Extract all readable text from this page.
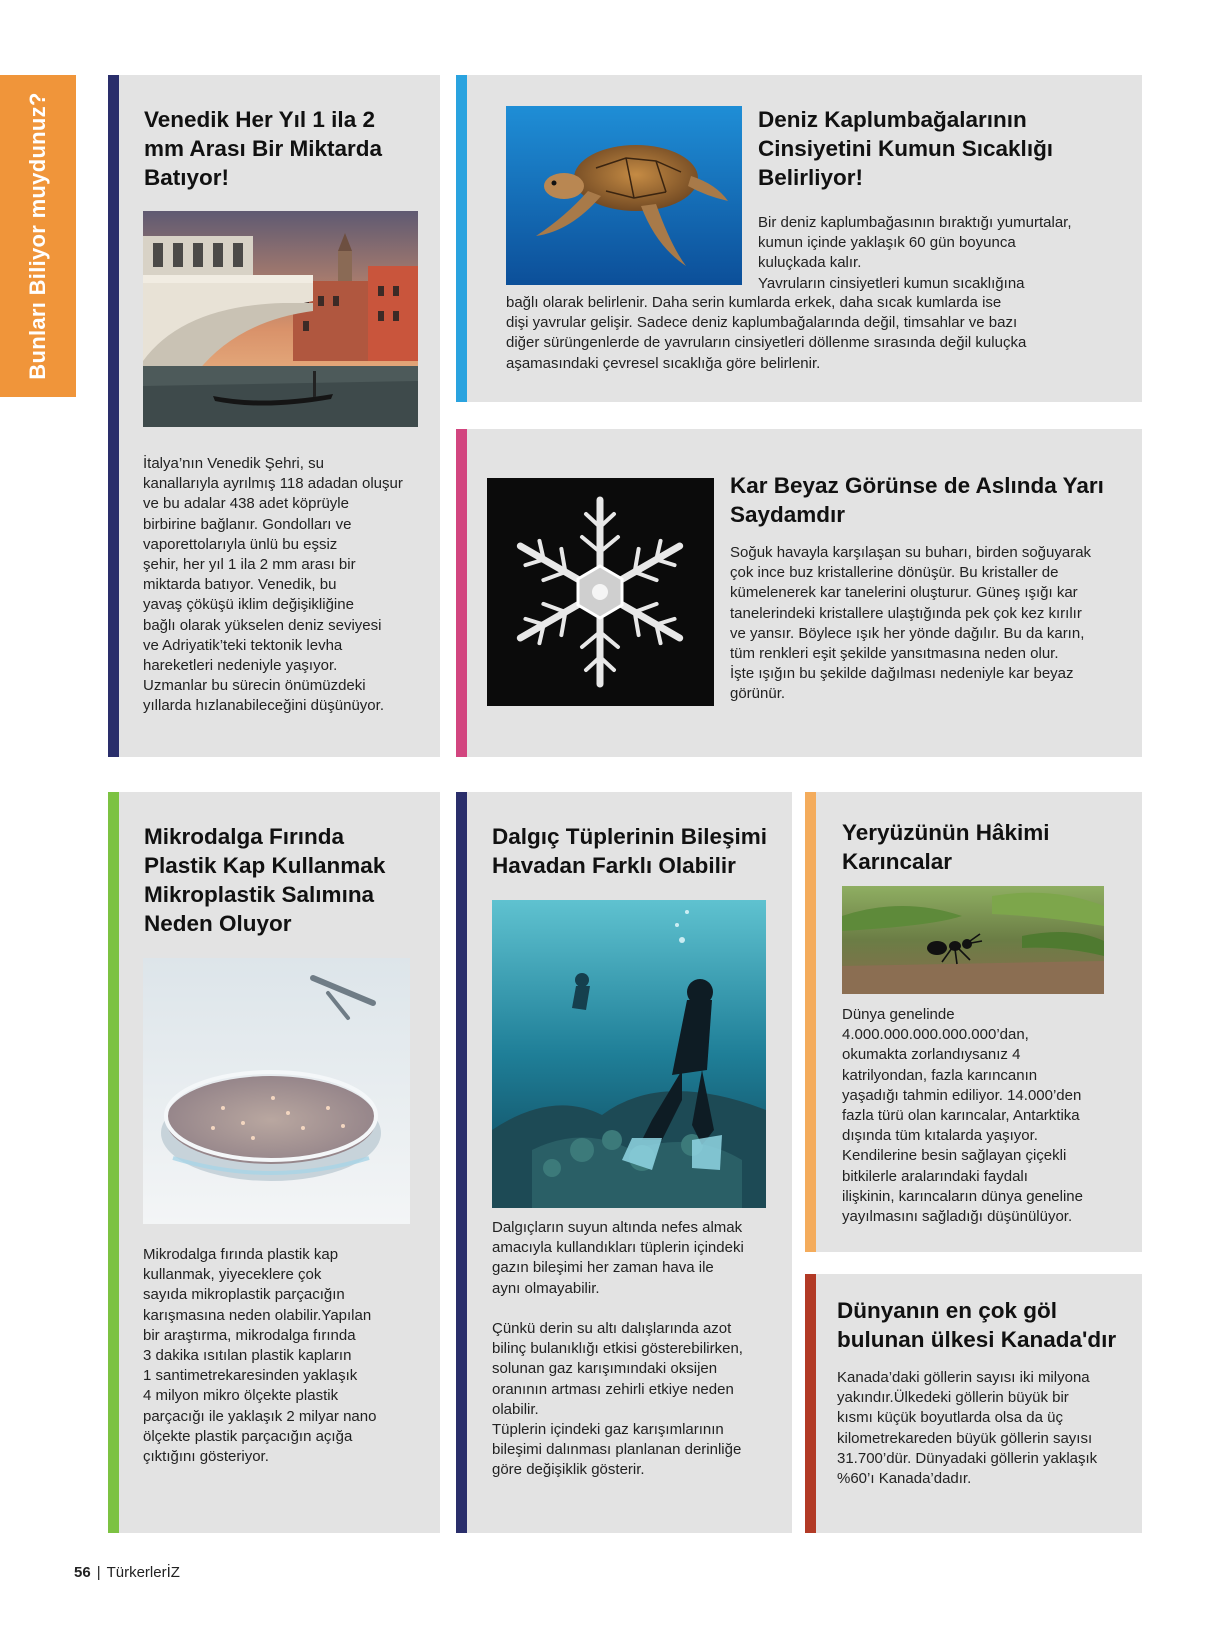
Bunları Biliyor muydunuz?	Venedik Her Yıl 1 ila 2 mm Arası Bir Miktarda Batıyor!

İtalya’nın Venedik Şehri, su
kanallarıyla ayrılmış 118 adadan oluşur
ve bu adalar 438 adet köprüyle
birbirine bağlanır. Gondolları ve
vaporettolarıyla ünlü bu eşsiz
şehir, her yıl 1 ila 2 mm arası bir
miktarda batıyor. Venedik, bu
yavaş çöküşü iklim değişikliğine
bağlı olarak yükselen deniz seviyesi
ve Adriyatik’teki tektonik levha
hareketleri nedeniyle yaşıyor.
Uzmanlar bu sürecin önümüzdeki
yıllarda hızlanabileceğini düşünüyor.

Deniz Kaplumbağalarının Cinsiyetini Kumun Sıcaklığı Belirliyor!

Bir deniz kaplumbağasının bıraktığı yumurtalar,
kumun içinde yaklaşık 60 gün boyunca
kuluçkada kalır.
Yavruların cinsiyetleri kumun sıcaklığına

bağlı olarak belirlenir. Daha serin kumlarda erkek, daha sıcak kumlarda ise
dişi yavrular gelişir. Sadece deniz kaplumbağalarında değil, timsahlar ve bazı
diğer sürüngenlerde de yavruların cinsiyetleri döllenme sırasında değil kuluçka
aşamasındaki çevresel sıcaklığa göre belirlenir.

Kar Beyaz Görünse de Aslında Yarı Saydamdır

Soğuk havayla karşılaşan su buharı, birden soğuyarak
çok ince buz kristallerine dönüşür. Bu kristaller de
kümelenerek kar tanelerini oluşturur. Güneş ışığı kar
tanelerindeki kristallere ulaştığında pek çok kez kırılır
ve yansır. Böylece ışık her yönde dağılır. Bu da karın,
tüm renkleri eşit şekilde yansıtmasına neden olur.
İşte ışığın bu şekilde dağılması nedeniyle kar beyaz
görünür.

Mikrodalga Fırında Plastik Kap Kullanmak Mikroplastik Salımına Neden Oluyor

Mikrodalga fırında plastik kap
kullanmak, yiyeceklere çok
sayıda mikroplastik parçacığın
karışmasına neden olabilir.Yapılan
bir araştırma, mikrodalga fırında
3 dakika ısıtılan plastik kapların
1 santimetrekaresinden yaklaşık
4 milyon mikro ölçekte plastik
parçacığı ile yaklaşık 2 milyar nano
ölçekte plastik parçacığın açığa
çıktığını gösteriyor.

Dalgıç Tüplerinin Bileşimi Havadan Farklı Olabilir

Dalgıçların suyun altında nefes almak
amacıyla kullandıkları tüplerin içindeki
gazın bileşimi her zaman hava ile
aynı olmayabilir.

Çünkü derin su altı dalışlarında azot
bilinç bulanıklığı etkisi gösterebilirken,
solunan gaz karışımındaki oksijen
oranının artması zehirli etkiye neden
olabilir.
Tüplerin içindeki gaz karışımlarının
bileşimi dalınması planlanan derinliğe
göre değişiklik gösterir.

Yeryüzünün Hâkimi Karıncalar

Dünya genelinde
4.000.000.000.000.000’dan,
okumakta zorlandıysanız 4
katrilyondan, fazla karıncanın
yaşadığı tahmin ediliyor. 14.000’den
fazla türü olan karıncalar, Antarktika
dışında tüm kıtalarda yaşıyor.
Kendilerine besin sağlayan çiçekli
bitkilerle aralarındaki faydalı
ilişkinin, karıncaların dünya geneline
yayılmasını sağladığı düşünülüyor.

Dünyanın en çok göl bulunan ülkesi Kanada'dır

Kanada’daki göllerin sayısı iki milyona
yakındır.Ülkedeki göllerin büyük bir
kısmı küçük boyutlarda olsa da üç
kilometrekareden büyük göllerin sayısı
31.700’dür. Dünyadaki göllerin yaklaşık
%60’ı Kanada’dadır.

56 | TürkerlerİZ
